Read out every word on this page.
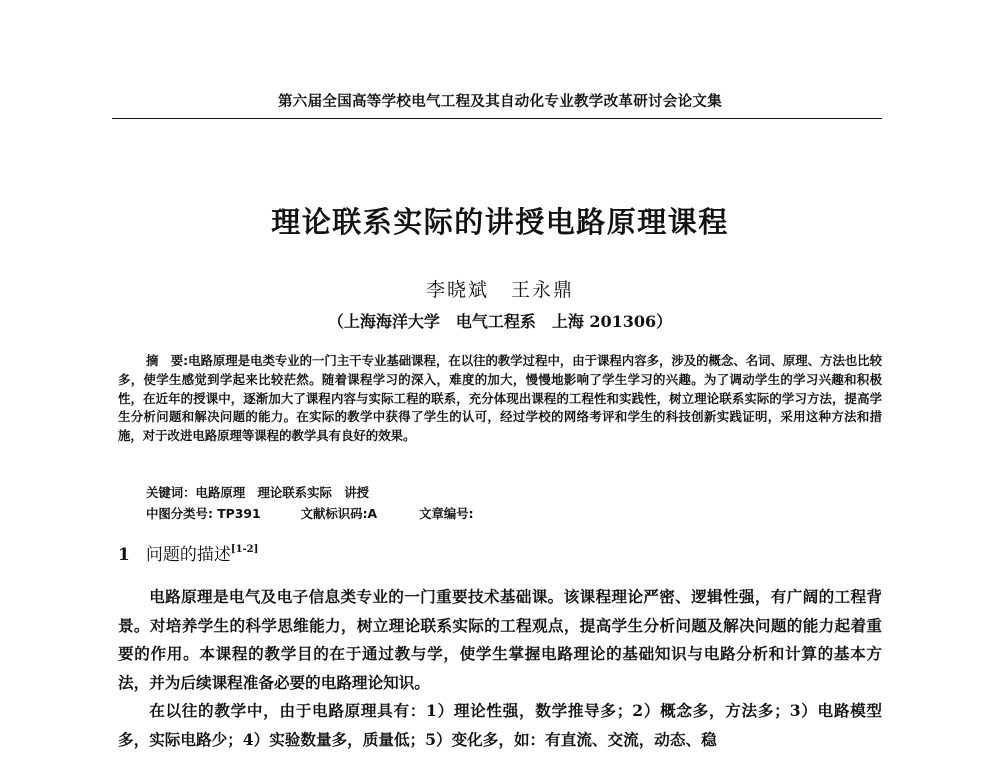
第六届全国高等学校电气工程及其自动化专业教学改革研讨会论文集
理论联系实际的讲授电路原理课程
李晓斌 王永鼎
（上海海洋大学　电气工程系　上海 201306）
摘　要:电路原理是电类专业的一门主干专业基础课程，在以往的教学过程中，由于课程内容多，涉及的概念、名词、原理、方法也比较多，使学生感觉到学起来比较茫然。随着课程学习的深入，难度的加大，慢慢地影响了学生学习的兴趣。为了调动学生的学习兴趣和积极性，在近年的授课中，逐渐加大了课程内容与实际工程的联系，充分体现出课程的工程性和实践性，树立理论联系实际的学习方法，提高学生分析问题和解决问题的能力。在实际的教学中获得了学生的认可，经过学校的网络考评和学生的科技创新实践证明，采用这种方法和措施，对于改进电路原理等课程的教学具有良好的效果。
关键词：电路原理　理论联系实际　讲授
中图分类号: TP391	文献标识码:A	文章编号:
1 问题的描述[1-2]

电路原理是电气及电子信息类专业的一门重要技术基础课。该课程理论严密、逻辑性强，有广阔的工程背景。对培养学生的科学思维能力，树立理论联系实际的工程观点，提高学生分析问题及解决问题的能力起着重要的作用。本课程的教学目的在于通过教与学，使学生掌握电路理论的基础知识与电路分析和计算的基本方法，并为后续课程准备必要的电路理论知识。

在以往的教学中，由于电路原理具有：1）理论性强，数学推导多；2）概念多，方法多；3）电路模型多，实际电路少；4）实验数量多，质量低；5）变化多，如：有直流、交流，动态、稳
